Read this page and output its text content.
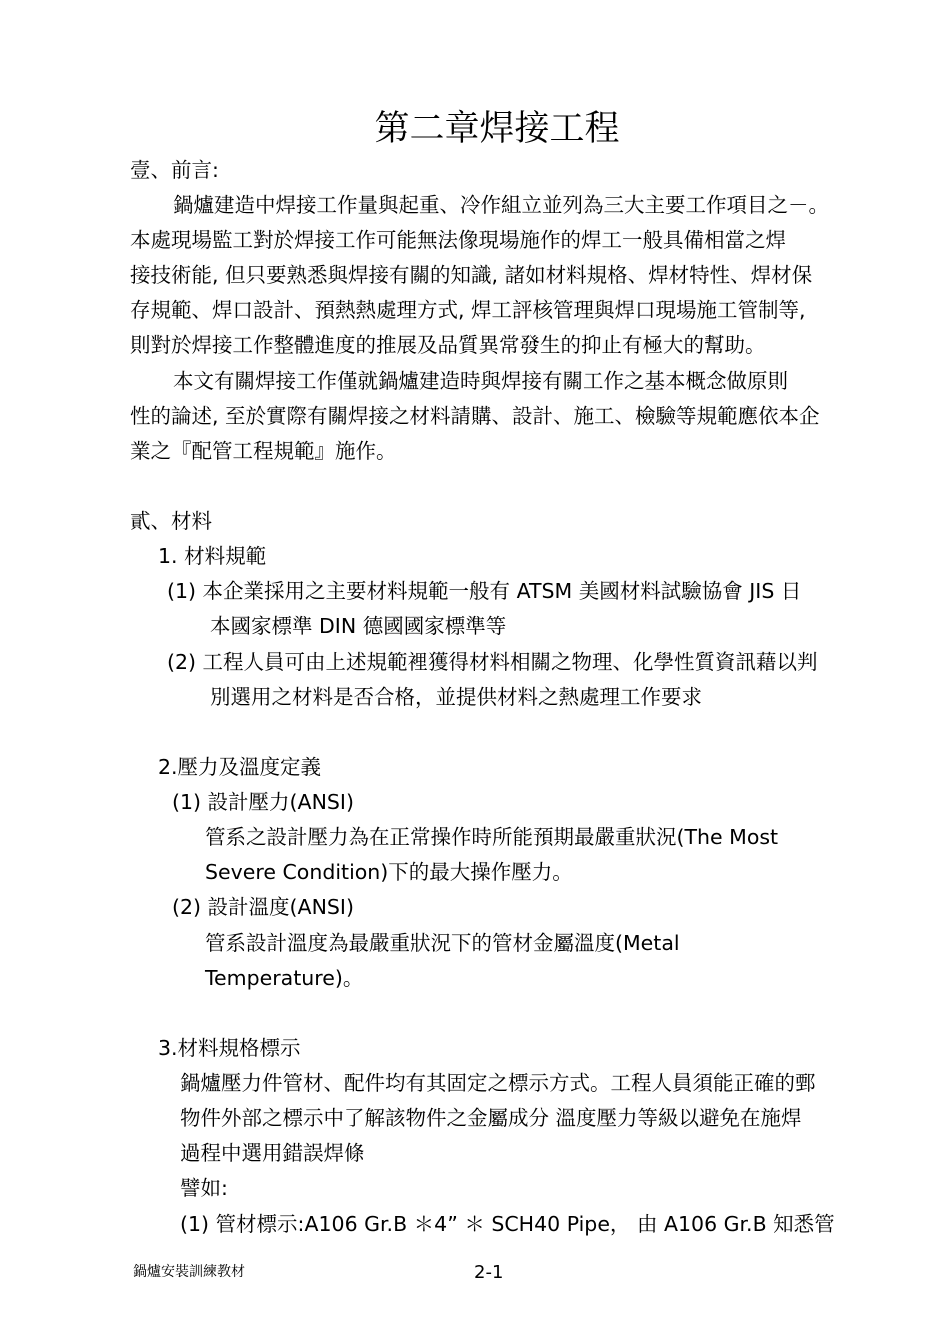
第二章焊接工程
壹、前言:
鍋爐建造中焊接工作量與起重、冷作組立並列為三大主要工作項目之－。
本處現場監工對於焊接工作可能無法像現場施作的焊工一般具備相當之焊
接技術能, 但只要熟悉與焊接有關的知識, 諸如材料規格、焊材特性、焊材保
存規範、焊口設計、預熱熱處理方式, 焊工評核管理與焊口現場施工管制等,
則對於焊接工作整體進度的推展及品質異常發生的抑止有極大的幫助。
本文有關焊接工作僅就鍋爐建造時與焊接有關工作之基本概念做原則
性的論述, 至於實際有關焊接之材料請購、設計、施工、檢驗等規範應依本企
業之『配管工程規範』施作。
貳、材料
1. 材料規範
(1) 本企業採用之主要材料規範一般有 ATSM 美國材料試驗協會 JIS 日
本國家標準 DIN 德國國家標準等
(2) 工程人員可由上述規範裡獲得材料相關之物理、化學性質資訊藉以判
別選用之材料是否合格，並提供材料之熱處理工作要求
2.壓力及溫度定義
(1) 設計壓力(ANSI)
管系之設計壓力為在正常操作時所能預期最嚴重狀況(The Most
Severe Condition)下的最大操作壓力。
(2) 設計溫度(ANSI)
管系設計溫度為最嚴重狀況下的管材金屬溫度(Metal
Temperature)。
3.材料規格標示
鍋爐壓力件管材、配件均有其固定之標示方式。工程人員須能正確的鄄
物件外部之標示中了解該物件之金屬成分 溫度壓力等級以避免在施焊
過程中選用錯誤焊條
譬如:
(1) 管材標示:A106 Gr.B ＊4” ＊ SCH40 Pipe， 由 A106 Gr.B 知悉管
鍋爐安裝訓練教材	2-1
